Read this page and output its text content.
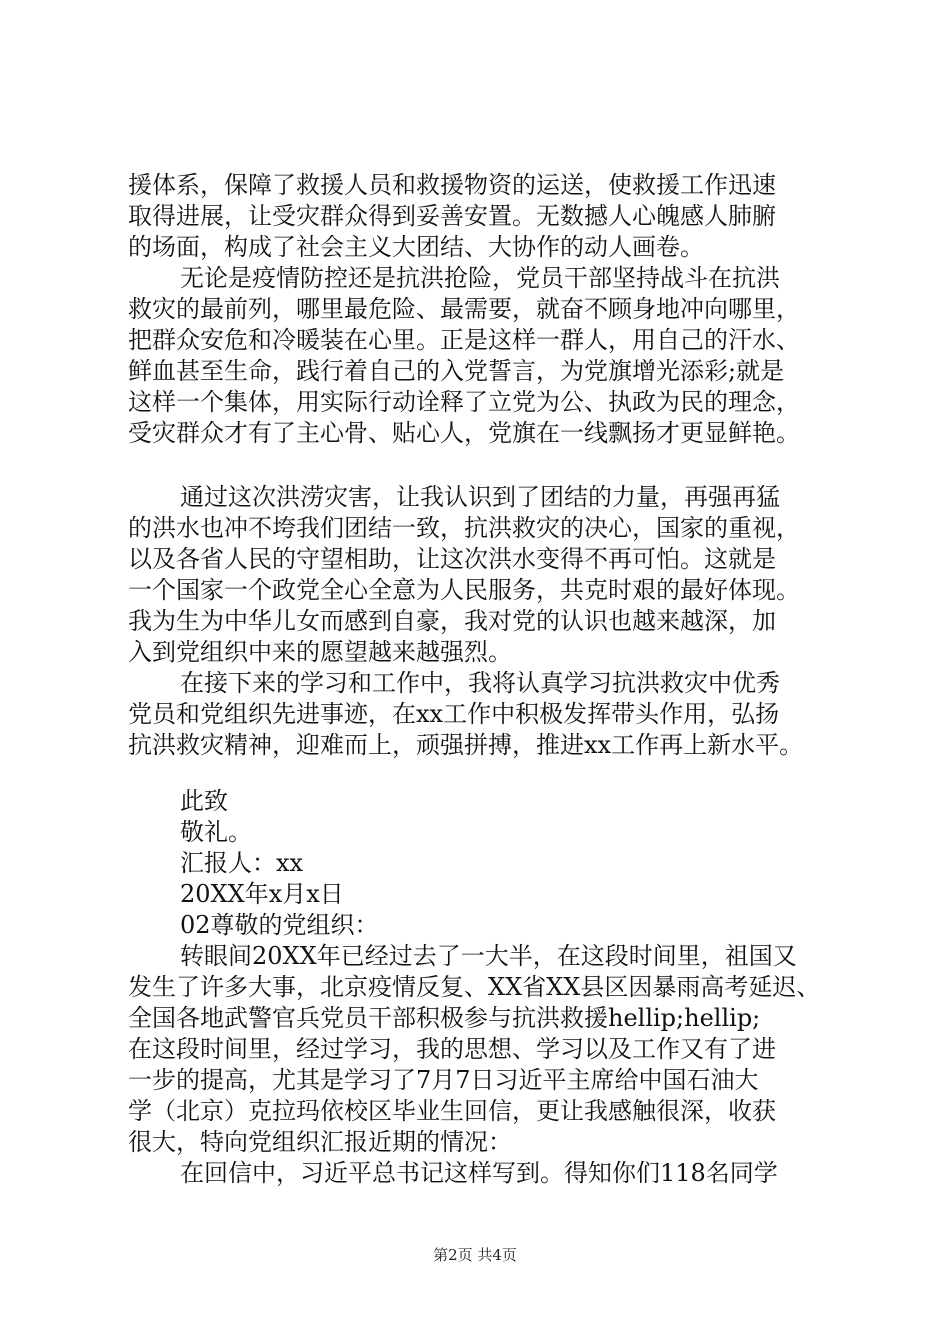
援体系，保障了救援人员和救援物资的运送，使救援工作迅速
取得进展，让受灾群众得到妥善安置。无数撼人心魄感人肺腑
的场面，构成了社会主义大团结、大协作的动人画卷。
无论是疫情防控还是抗洪抢险，党员干部坚持战斗在抗洪
救灾的最前列，哪里最危险、最需要，就奋不顾身地冲向哪里，
把群众安危和冷暖装在心里。正是这样一群人，用自己的汗水、
鲜血甚至生命，践行着自己的入党誓言，为党旗增光添彩;就是
这样一个集体，用实际行动诠释了立党为公、执政为民的理念，
受灾群众才有了主心骨、贴心人，党旗在一线飘扬才更显鲜艳。
通过这次洪涝灾害，让我认识到了团结的力量，再强再猛
的洪水也冲不垮我们团结一致，抗洪救灾的决心，国家的重视，
以及各省人民的守望相助，让这次洪水变得不再可怕。这就是
一个国家一个政党全心全意为人民服务，共克时艰的最好体现。
我为生为中华儿女而感到自豪，我对党的认识也越来越深，加
入到党组织中来的愿望越来越强烈。
在接下来的学习和工作中，我将认真学习抗洪救灾中优秀
党员和党组织先进事迹，在xx工作中积极发挥带头作用，弘扬
抗洪救灾精神，迎难而上，顽强拼搏，推进xx工作再上新水平。
此致
敬礼。
汇报人：xx
20XX年x月x日
02尊敬的党组织：
转眼间20XX年已经过去了一大半，在这段时间里，祖国又
发生了许多大事，北京疫情反复、XX省XX县区因暴雨高考延迟、
全国各地武警官兵党员干部积极参与抗洪救援hellip;hellip;
在这段时间里，经过学习，我的思想、学习以及工作又有了进
一步的提高，尤其是学习了7月7日习近平主席给中国石油大
学（北京）克拉玛依校区毕业生回信，更让我感触很深，收获
很大，特向党组织汇报近期的情况：
在回信中，习近平总书记这样写到。得知你们118名同学
第2页 共4页
